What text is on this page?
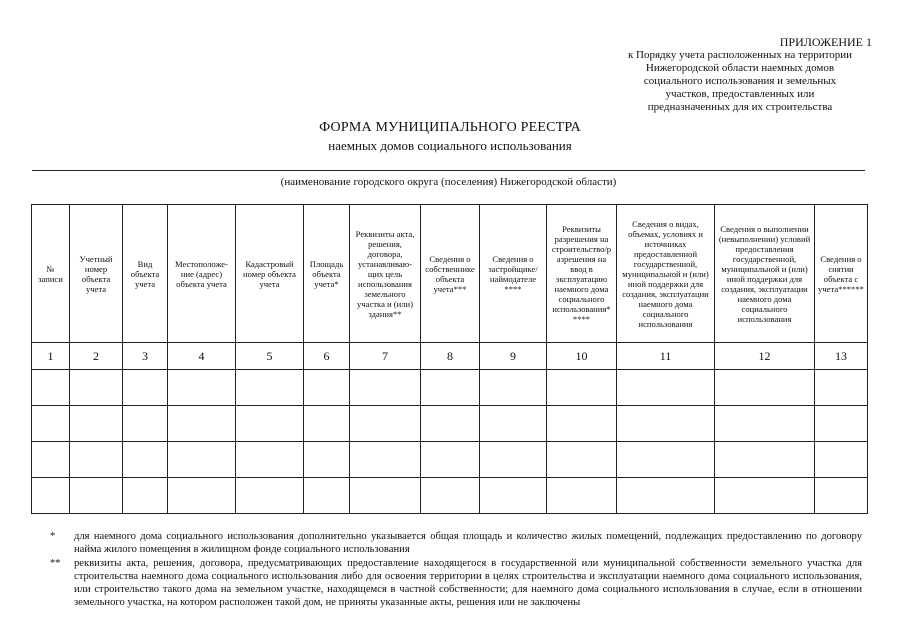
ПРИЛОЖЕНИЕ 1
к Порядку учета расположенных на территории
Нижегородской области наемных домов
социального использования и земельных
участков, предоставленных или
предназначенных для их строительства
ФОРМА МУНИЦИПАЛЬНОГО РЕЕСТРА
наемных домов социального использования
(наименование городского округа (поселения) Нижегородской области)
№ записи	Учетный номер объекта учета	Вид объекта учета	Местоположе-ние (адрес) объекта учета	Кадастровый номер объекта учета	Площадь объекта учета*	Реквизиты акта, решения, договора, устанавливаю-щих цель использования земельного участка и (или) здания**	Сведения о собственнике объекта учета***	Сведения о застройщике/ наймодателе ****	Реквизиты разрешения на строительство/р азрешения на ввод в эксплуатацию наемного дома социального использования* ****	Сведения о видах, объемах, условиях и источниках предоставленной государственной, муниципальной и (или) иной поддержки для создания, эксплуатации наемного дома социального использования	Сведения о выполнении (невыполнении) условий предоставления государственной, муниципальной и (или) иной поддержки для создания, эксплуатации наемного дома социального использования	Сведения о снятии объекта с учета******
1	2	3	4	5	6	7	8	9	10	11	12	13

*	для наемного дома социального использования дополнительно указывается общая площадь и количество жилых помещений, подлежащих предоставлению по договору найма жилого помещения в жилищном фонде социального использования
**	реквизиты акта, решения, договора, предусматривающих предоставление находящегося в государственной или муниципальной собственности земельного участка для строительства наемного дома социального использования либо для освоения территории в целях строительства и эксплуатации наемного дома социального использования, или строительство такого дома на земельном участке, находящемся в частной собственности; для наемного дома социального использования в случае, если в отношении земельного участка, на котором расположен такой дом, не приняты указанные акты, решения или не заключены
